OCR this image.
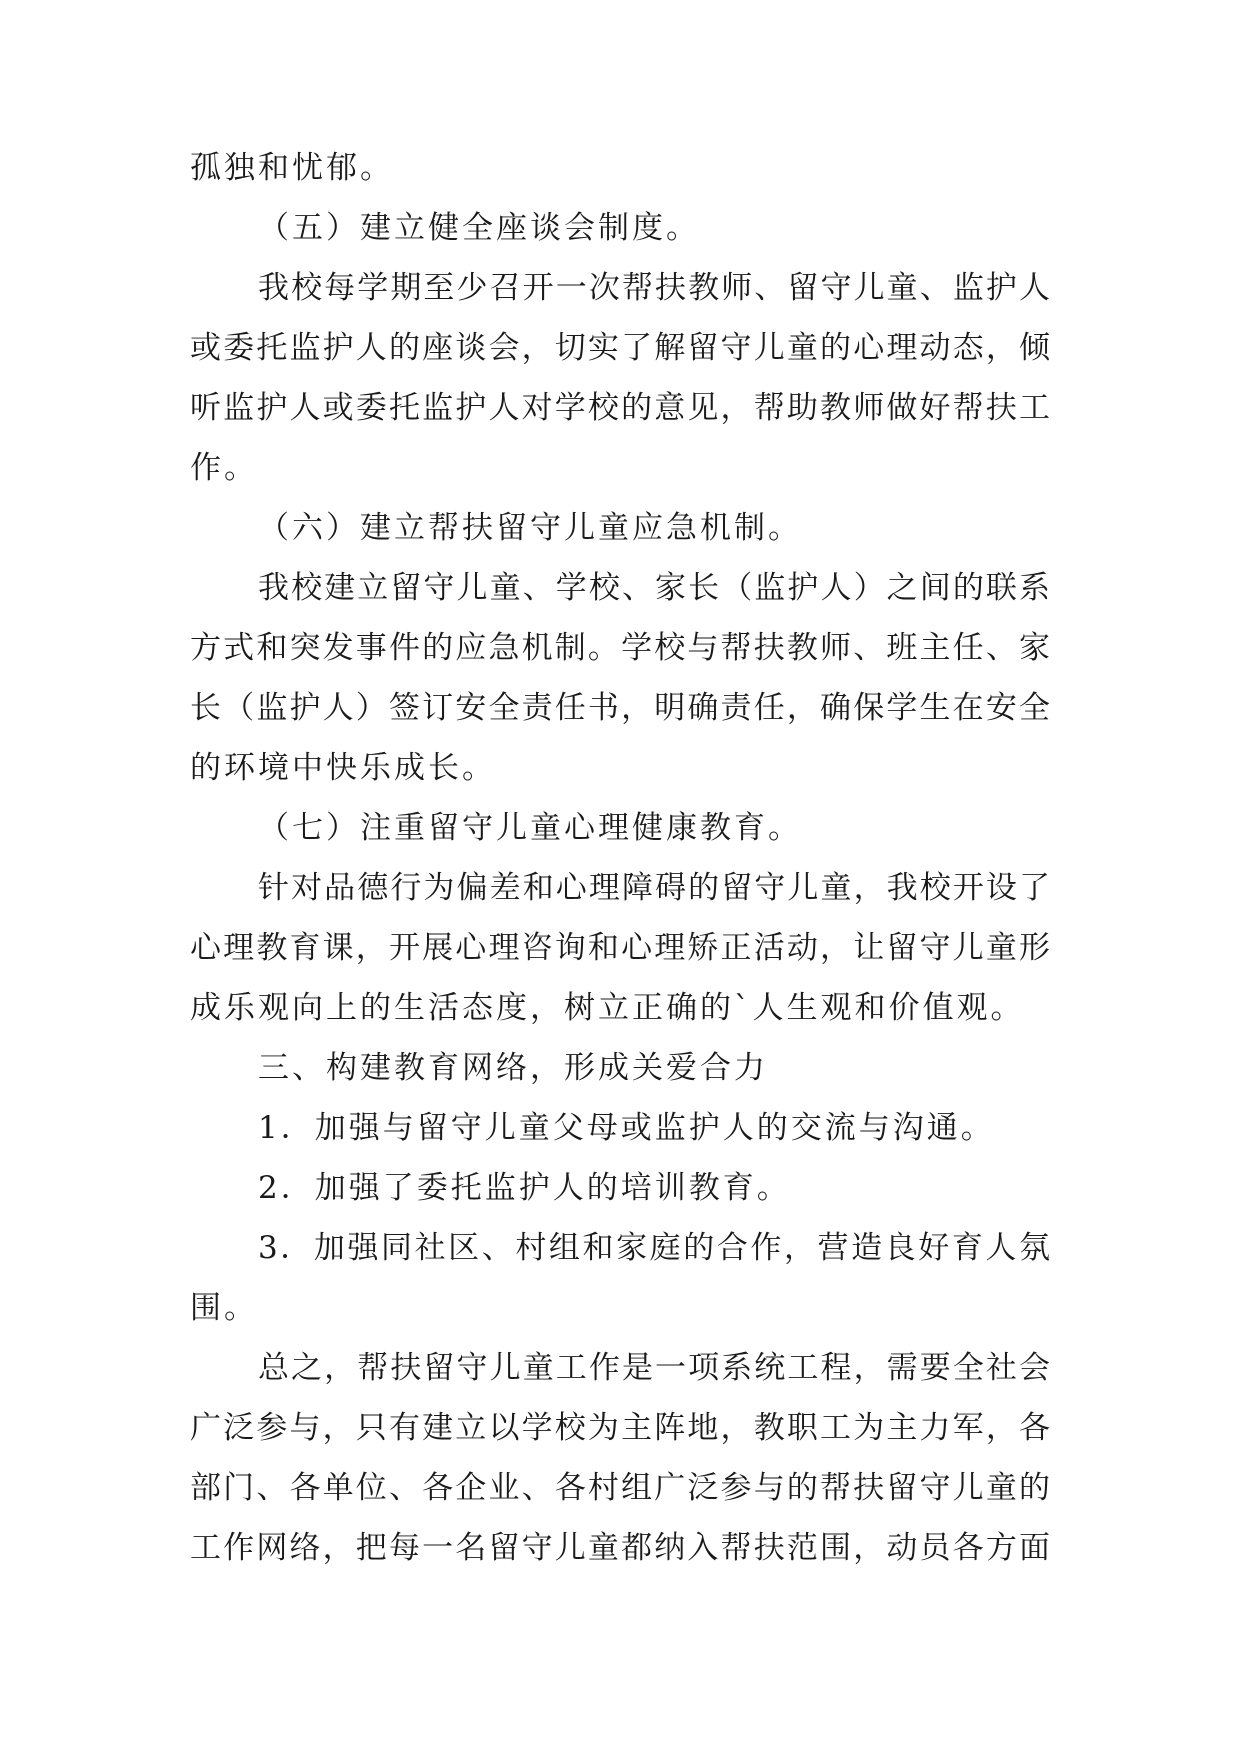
孤独和忧郁。
（五）建立健全座谈会制度。
我校每学期至少召开一次帮扶教师、留守儿童、监护人
或委托监护人的座谈会，切实了解留守儿童的心理动态，倾
听监护人或委托监护人对学校的意见，帮助教师做好帮扶工
作。
（六）建立帮扶留守儿童应急机制。
我校建立留守儿童、学校、家长（监护人）之间的联系
方式和突发事件的应急机制。学校与帮扶教师、班主任、家
长（监护人）签订安全责任书，明确责任，确保学生在安全
的环境中快乐成长。
（七）注重留守儿童心理健康教育。
针对品德行为偏差和心理障碍的留守儿童，我校开设了
心理教育课，开展心理咨询和心理矫正活动，让留守儿童形
成乐观向上的生活态度，树立正确的`人生观和价值观。
三、构建教育网络，形成关爱合力
1．加强与留守儿童父母或监护人的交流与沟通。
2．加强了委托监护人的培训教育。
3．加强同社区、村组和家庭的合作，营造良好育人氛
围。
总之，帮扶留守儿童工作是一项系统工程，需要全社会
广泛参与，只有建立以学校为主阵地，教职工为主力军，各
部门、各单位、各企业、各村组广泛参与的帮扶留守儿童的
工作网络，把每一名留守儿童都纳入帮扶范围，动员各方面
